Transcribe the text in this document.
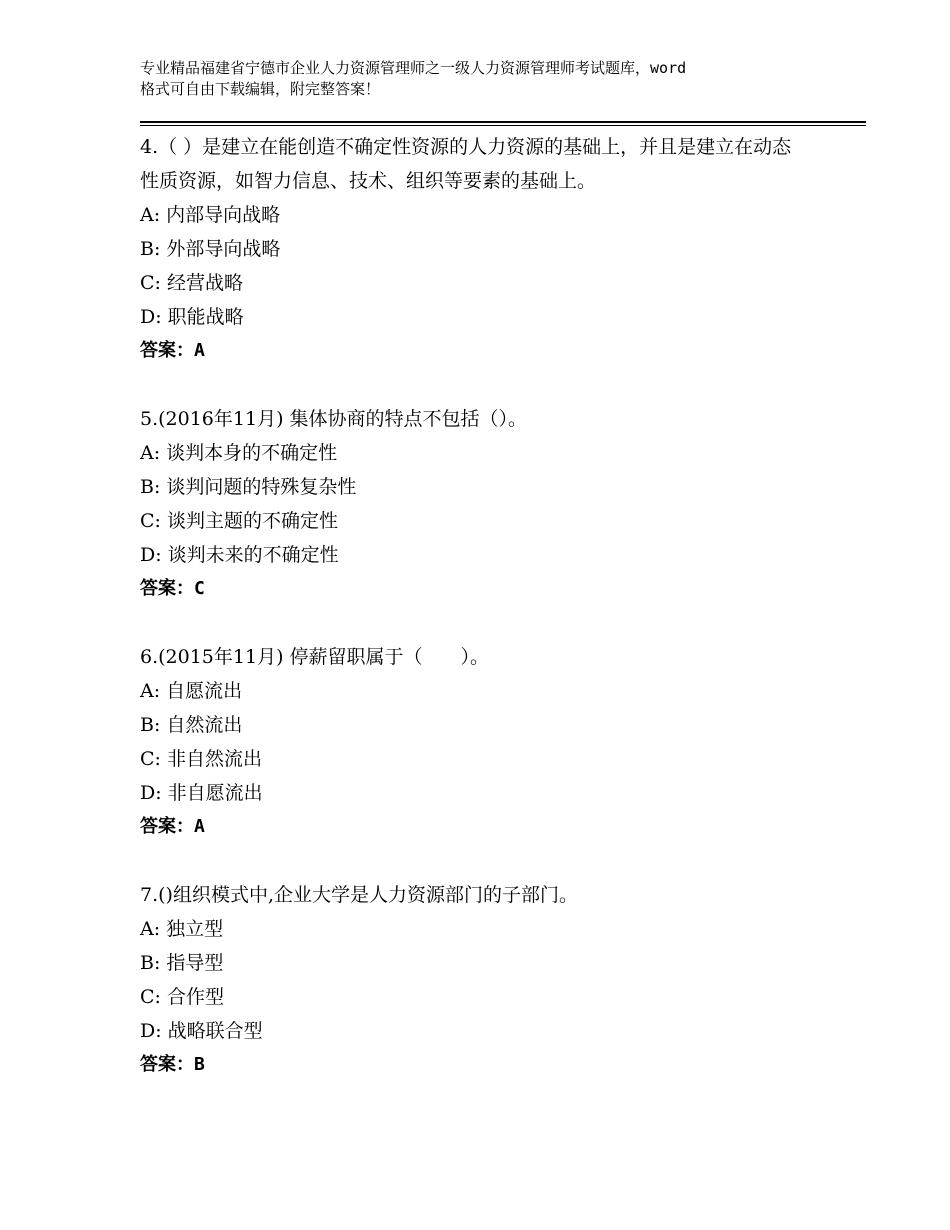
专业精品福建省宁德市企业人力资源管理师之一级人力资源管理师考试题库，word
格式可自由下载编辑，附完整答案！
4.（ ）是建立在能创造不确定性资源的人力资源的基础上，并且是建立在动态性质资源，如智力信息、技术、组织等要素的基础上。
A: 内部导向战略
B: 外部导向战略
C: 经营战略
D: 职能战略
答案：A
5.(2016年11月) 集体协商的特点不包括（）。
A: 谈判本身的不确定性
B: 谈判问题的特殊复杂性
C: 谈判主题的不确定性
D: 谈判未来的不确定性
答案：C
6.(2015年11月) 停薪留职属于（　　）。
A: 自愿流出
B: 自然流出
C: 非自然流出
D: 非自愿流出
答案：A
7.()组织模式中,企业大学是人力资源部门的子部门。
A: 独立型
B: 指导型
C: 合作型
D: 战略联合型
答案：B
